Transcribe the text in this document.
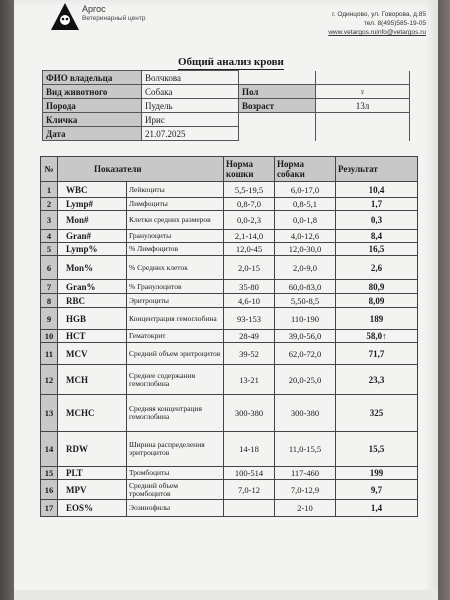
Аргос
Ветеринарный центр
г. Одинцово, ул. Говорова, д.85
тел. 8(495)585-19-05
www.vetargos.ruinfo@vetargos.ru
Общий анализ крови
ФИО владельца	Волчкова		
Вид животного	Собака	Пол	♀
Порода	Пудель	Возраст	13л
Кличка	Ирис		
Дата	21.07.2025		
№	Показатели		Норма кошки	Норма собаки	Результат
1	WBC	Лейкоциты	5,5-19,5	6,0-17,0	10,4
2	Lymp#	Лимфоциты	0,8-7,0	0,8-5,1	1,7
3	Mon#	Клетки средних размеров	0,0-2,3	0,0-1,8	0,3
4	Gran#	Гранулоциты	2,1-14,0	4,0-12,6	8,4
5	Lymp%	% Лимфоцитов	12,0-45	12,0-30,0	16,5
6	Mon%	% Средних клеток	2,0-15	2,0-9,0	2,6
7	Gran%	% Гранулоцитов	35-80	60,0-83,0	80,9
8	RBC	Эритроциты	4,6-10	5,50-8,5	8,09
9	HGB	Концентрация гемоглобина	93-153	110-190	189
10	HCT	Гематокрит	28-49	39,0-56,0	58,0↑
11	MCV	Средний объем эритроцитов	39-52	62,0-72,0	71,7
12	MCH	Среднее содержания гемоглобина	13-21	20,0-25,0	23,3
13	MCHC	Средняя концентрация гемоглобина	300-380	300-380	325
14	RDW	Ширина распределения эритроцитов	14-18	11,0-15,5	15,5
15	PLT	Тромбоциты	100-514	117-460	199
16	MPV	Средний объем тромбоцитов	7,0-12	7,0-12,9	9,7
17	EOS%	Эозинофилы		2-10	1,4
